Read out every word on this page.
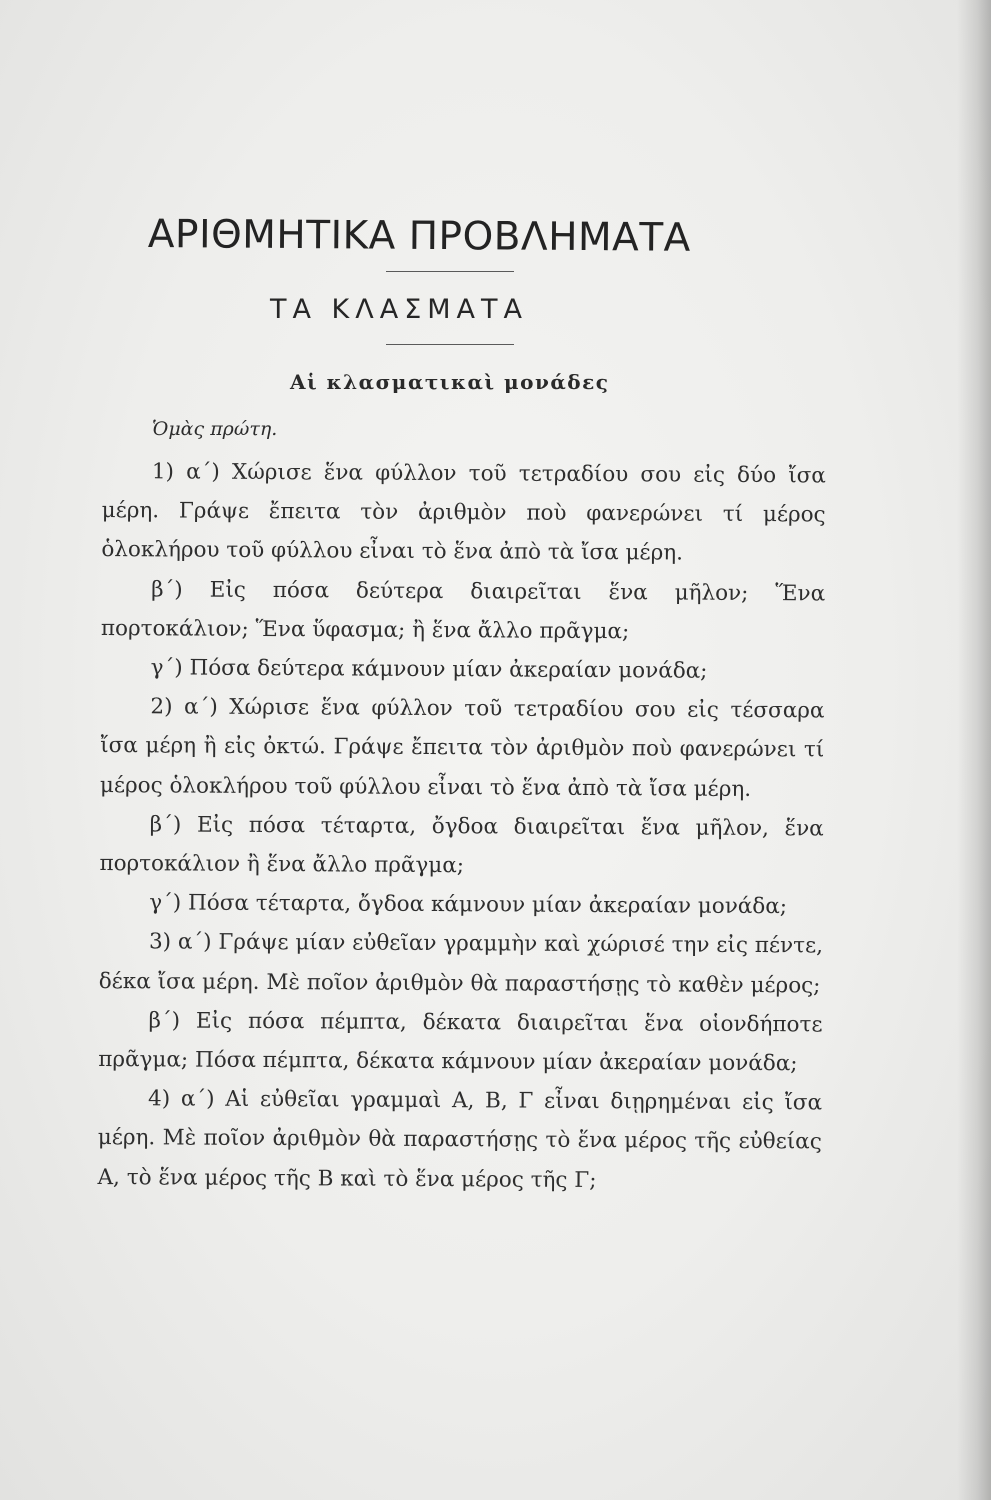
ΑΡΙΘΜΗΤΙΚΑ ΠΡΟΒΛΗΜΑΤΑ
ΤΑ ΚΛΑΣΜΑΤΑ
Αἱ κλασματικαὶ μονάδες
Ὁμὰς πρώτη.

1) α΄) Χώρισε ἕνα φύλλον τοῦ τετραδίου σου εἰς δύο ἴσα μέρη. Γράψε ἔπειτα τὸν ἀριθμὸν ποὺ φανερώνει τί μέρος ὁλοκλήρου τοῦ φύλλου εἶναι τὸ ἕνα ἀπὸ τὰ ἴσα μέρη.

β΄) Εἰς πόσα δεύτερα διαιρεῖται ἕνα μῆλον; Ἕνα πορτοκάλιον; Ἕνα ὕφασμα; ἢ ἕνα ἄλλο πρᾶγμα;

γ΄) Πόσα δεύτερα κάμνουν μίαν ἀκεραίαν μονάδα;

2) α΄) Χώρισε ἕνα φύλλον τοῦ τετραδίου σου εἰς τέσσαρα ἴσα μέρη ἢ εἰς ὀκτώ. Γράψε ἔπειτα τὸν ἀριθμὸν ποὺ φανερώνει τί μέρος ὁλοκλήρου τοῦ φύλλου εἶναι τὸ ἕνα ἀπὸ τὰ ἴσα μέρη.

β΄) Εἰς πόσα τέταρτα, ὄγδοα διαιρεῖται ἕνα μῆλον, ἕνα πορτοκάλιον ἢ ἕνα ἄλλο πρᾶγμα;

γ΄) Πόσα τέταρτα, ὄγδοα κάμνουν μίαν ἀκεραίαν μονάδα;

3) α΄) Γράψε μίαν εὐθεῖαν γραμμὴν καὶ χώρισέ την εἰς πέντε, δέκα ἴσα μέρη. Μὲ ποῖον ἀριθμὸν θὰ παραστήσῃς τὸ καθὲν μέρος;

β΄) Εἰς πόσα πέμπτα, δέκατα διαιρεῖται ἕνα οἱονδήποτε πρᾶγμα; Πόσα πέμπτα, δέκατα κάμνουν μίαν ἀκεραίαν μονάδα;

4) α΄) Αἱ εὐθεῖαι γραμμαὶ Α, Β, Γ εἶναι διῃρημέναι εἰς ἴσα μέρη. Μὲ ποῖον ἀριθμὸν θὰ παραστήσῃς τὸ ἕνα μέρος τῆς εὐθείας Α, τὸ ἕνα μέρος τῆς Β καὶ τὸ ἕνα μέρος τῆς Γ;
